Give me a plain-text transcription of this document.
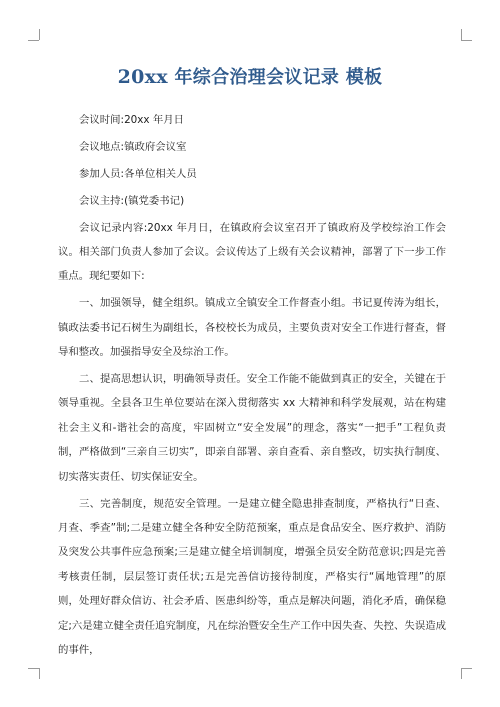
20xx 年综合治理会议记录 模板

会议时间:20xx 年月日

会议地点:镇政府会议室

参加人员:各单位相关人员

会议主持:(镇党委书记)

会议记录内容:20xx 年月日，在镇政府会议室召开了镇政府及学校综治工作会议。相关部门负责人参加了会议。会议传达了上级有关会议精神，部署了下一步工作重点。现纪要如下:

一、加强领导，健全组织。镇成立全镇安全工作督查小组。书记夏传涛为组长，镇政法委书记石树生为副组长，各校校长为成员，主要负责对安全工作进行督查，督导和整改。加强指导安全及综治工作。

二、提高思想认识，明确领导责任。安全工作能不能做到真正的安全，关键在于领导重视。全县各卫生单位要站在深入贯彻落实 xx 大精神和科学发展观，站在构建社会主义和-谐社会的高度，牢固树立“安全发展”的理念，落实“一把手”工程负责制，严格做到“三亲自三切实”，即亲自部署、亲自查看、亲自整改，切实执行制度、切实落实责任、切实保证安全。

三、完善制度，规范安全管理。一是建立健全隐患排查制度，严格执行“日查、月查、季查”制;二是建立健全各种安全防范预案，重点是食品安全、医疗救护、消防及突发公共事件应急预案;三是建立健全培训制度，增强全员安全防范意识;四是完善考核责任制，层层签订责任状;五是完善信访接待制度，严格实行“属地管理”的原则，处理好群众信访、社会矛盾、医患纠纷等，重点是解决问题，消化矛盾，确保稳定;六是建立健全责任追究制度，凡在综治暨安全生产工作中因失查、失控、失误造成的事件，
